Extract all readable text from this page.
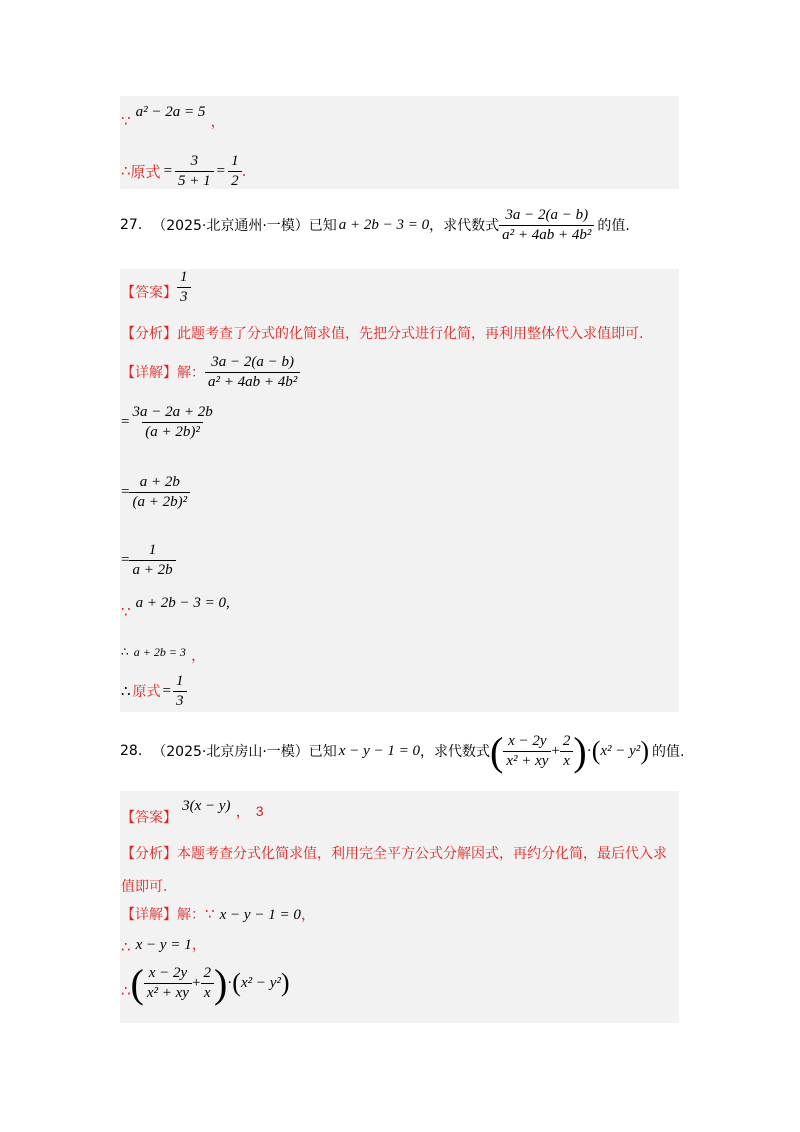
∵ a² − 2a = 5 ，
∴ 原式 = $\frac{3}{5 + 1} = \frac{1}{2}$ .
27. （2025·北京通州·一模）已知 a + 2b − 3 = 0 ，求代数式 $\frac{3a - 2(a - b)}{\text{a² + 4ab + 4b²}}$ 的值.
【答案】 $\frac{1}{3}$
【分析】此题考查了分式的化简求值，先把分式进行化简，再利用整体代入求值即可.
【详解】 解： $\frac{3a - 2(a - b)}{\text{a² + 4ab + 4b²}}$
= $\frac{3a - 2a + 2b}{\text{(a + 2b)²}}$
= $\frac{a + 2b}{\text{(a + 2b)²}}$
= $\frac{1}{a + 2b}$
∵ a + 2b − 3 = 0,
∴ a + 2b = 3 ，
∴ 原式 = $\frac{1}{3}$
28. （2025·北京房山·一模）已知 x − y − 1 = 0 ，求代数式 ( $\frac{x - 2y}{\text{x² + xy}} + \frac{2}{x}$ ) · ( x² − y² ) 的值.
【答案】 3(x − y) ， 3
【分析】本题考查分式化简求值，利用完全平方公式分解因式，再约分化简，最后代入求
值即可.
【详解】解：∵ x − y − 1 = 0，
∴ x − y = 1，
∴ ( $\frac{x - 2y}{\text{x² + xy}} + \frac{2}{x}$ ) · ( x² − y² )
